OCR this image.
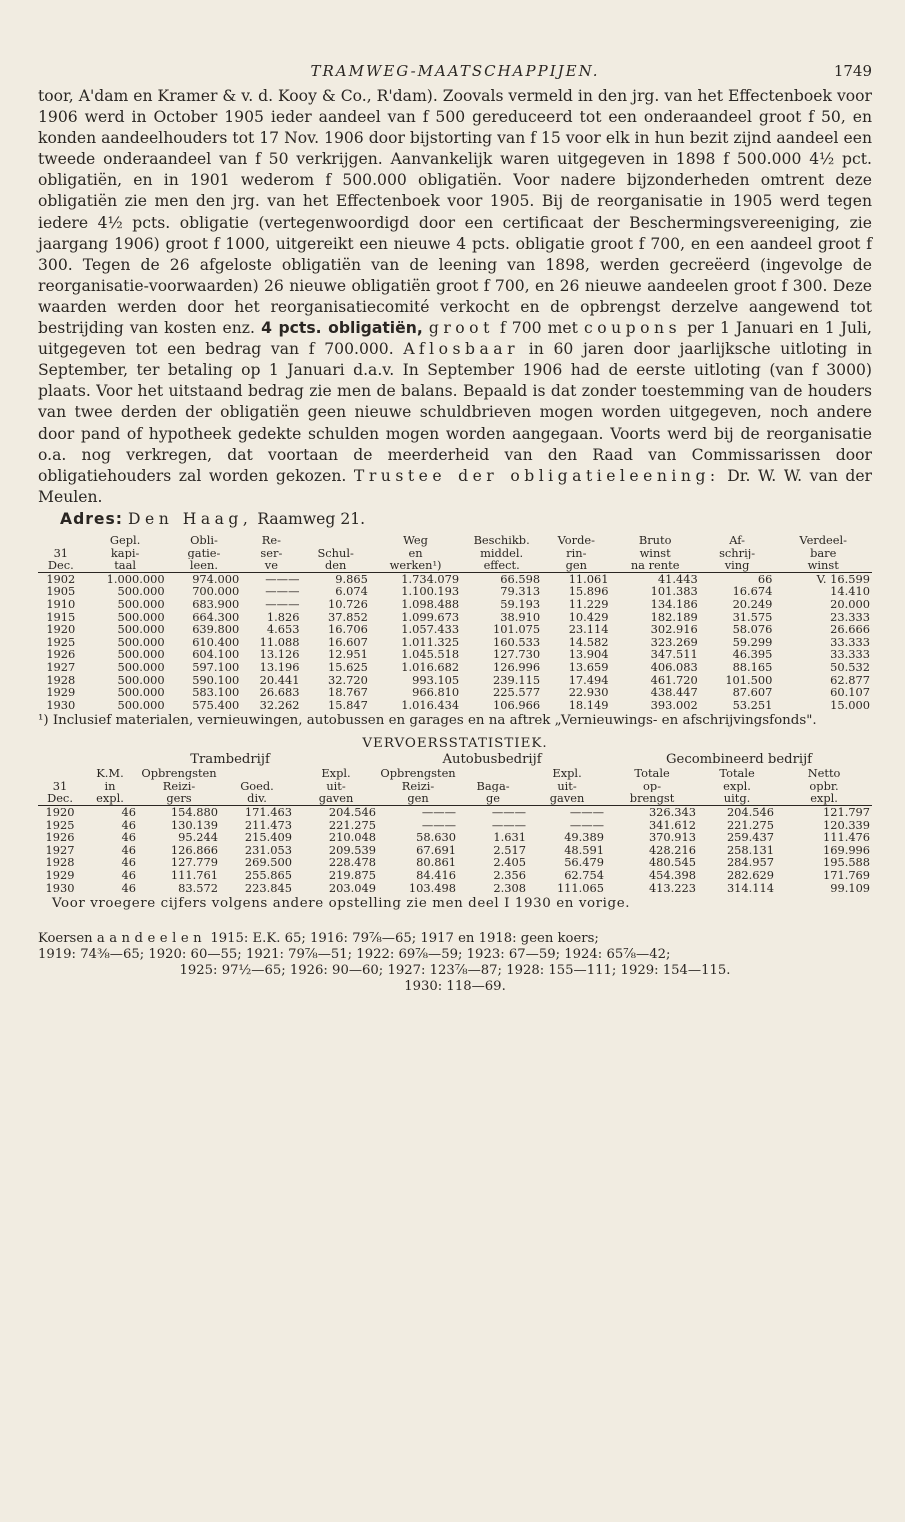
TRAMWEG-MAATSCHAPPIJEN.	1749

toor, A'dam en Kramer & v. d. Kooy & Co., R'dam). Zoovals vermeld in den jrg. van het Effectenboek voor 1906 werd in October 1905 ieder aandeel van f 500 gereduceerd tot een onderaandeel groot f 50, en konden aandeelhouders tot 17 Nov. 1906 door bijstorting van f 15 voor elk in hun bezit zijnd aandeel een tweede onderaandeel van f 50 verkrijgen. Aanvankelijk waren uitgegeven in 1898 f 500.000 4½ pct. obligatiën, en in 1901 wederom f 500.000 obligatiën. Voor nadere bijzonderheden omtrent deze obligatiën zie men den jrg. van het Effectenboek voor 1905. Bij de reorganisatie in 1905 werd tegen iedere 4½ pcts. obligatie (vertegenwoordigd door een certificaat der Beschermingsvereeniging, zie jaargang 1906) groot f 1000, uitgereikt een nieuwe 4 pcts. obligatie groot f 700, en een aandeel groot f 300. Tegen de 26 afgeloste obligatiën van de leening van 1898, werden gecreëerd (ingevolge de reorganisatie-voorwaarden) 26 nieuwe obligatiën groot f 700, en 26 nieuwe aandeelen groot f 300. Deze waarden werden door het reorganisatiecomité verkocht en de opbrengst derzelve aangewend tot bestrijding van kosten enz. 4 pcts. obligatiën, groot f 700 met coupons per 1 Januari en 1 Juli, uitgegeven tot een bedrag van f 700.000. Aflosbaar in 60 jaren door jaarlijksche uitloting in September, ter betaling op 1 Januari d.a.v. In September 1906 had de eerste uitloting (van f 3000) plaats. Voor het uitstaand bedrag zie men de balans. Bepaald is dat zonder toestemming van de houders van twee derden der obligatiën geen nieuwe schuldbrieven mogen worden uitgegeven, noch andere door pand of hypotheek gedekte schulden mogen worden aangegaan. Voorts werd bij de reorganisatie o.a. nog verkregen, dat voortaan de meerderheid van den Raad van Commissarissen door obligatiehouders zal worden gekozen. Trustee der obligatieleening: Dr. W. W. van der Meulen.

Adres: Den Haag, Raamweg 21.
	Gepl.	Obli-	Re-		Weg	Beschikb.	Vorde-	Bruto	Af-	Verdeel-
31	kapi-	gatie-	ser-	Schul-	en	middel.	rin-	winst	schrij-	bare
Dec.	taal	leen.	ve	den	werken¹)	effect.	gen	na rente	ving	winst
1902	1.000.000	974.000	———	9.865	1.734.079	66.598	11.061	41.443	66	V. 16.599
1905	500.000	700.000	———	6.074	1.100.193	79.313	15.896	101.383	16.674	14.410
1910	500.000	683.900	———	10.726	1.098.488	59.193	11.229	134.186	20.249	20.000
1915	500.000	664.300	1.826	37.852	1.099.673	38.910	10.429	182.189	31.575	23.333
1920	500.000	639.800	4.653	16.706	1.057.433	101.075	23.114	302.916	58.076	26.666
1925	500.000	610.400	11.088	16.607	1.011.325	160.533	14.582	323.269	59.299	33.333
1926	500.000	604.100	13.126	12.951	1.045.518	127.730	13.904	347.511	46.395	33.333
1927	500.000	597.100	13.196	15.625	1.016.682	126.996	13.659	406.083	88.165	50.532
1928	500.000	590.100	20.441	32.720	993.105	239.115	17.494	461.720	101.500	62.877
1929	500.000	583.100	26.683	18.767	966.810	225.577	22.930	438.447	87.607	60.107
1930	500.000	575.400	32.262	15.847	1.016.434	106.966	18.149	393.002	53.251	15.000
¹) Inclusief materialen, vernieuwingen, autobussen en garages en na aftrek „Vernieuwings- en afschrijvingsfonds".
VERVOERSSTATISTIEK.
	Trambedrijf				Autobusbedrijf			Gecombineerd bedrijf		
	K.M.	Opbrengsten		Expl.	Opbrengsten		Expl.	Totale	Totale	Netto
31	in	Reizi-	Goed.	uit-	Reizi-	Baga-	uit-	op-	expl.	opbr.
Dec.	expl.	gers	div.	gaven	gen	ge	gaven	brengst	uitg.	expl.
1920	46	154.880	171.463	204.546	———	———	———	326.343	204.546	121.797
1925	46	130.139	211.473	221.275	———	———	———	341.612	221.275	120.339
1926	46	95.244	215.409	210.048	58.630	1.631	49.389	370.913	259.437	111.476
1927	46	126.866	231.053	209.539	67.691	2.517	48.591	428.216	258.131	169.996
1928	46	127.779	269.500	228.478	80.861	2.405	56.479	480.545	284.957	195.588
1929	46	111.761	255.865	219.875	84.416	2.356	62.754	454.398	282.629	171.769
1930	46	83.572	223.845	203.049	103.498	2.308	111.065	413.223	314.114	99.109
Voor vroegere cijfers volgens andere opstelling zie men deel I 1930 en vorige.
Koersen aandeelen 1915: E.K. 65; 1916: 79⅞—65; 1917 en 1918: geen koers;
1919: 74⅜—65; 1920: 60—55; 1921: 79⅞—51; 1922: 69⅞—59; 1923: 67—59; 1924: 65⅞—42;
1925: 97½—65; 1926: 90—60; 1927: 123⅞—87; 1928: 155—111; 1929: 154—115.
1930: 118—69.
